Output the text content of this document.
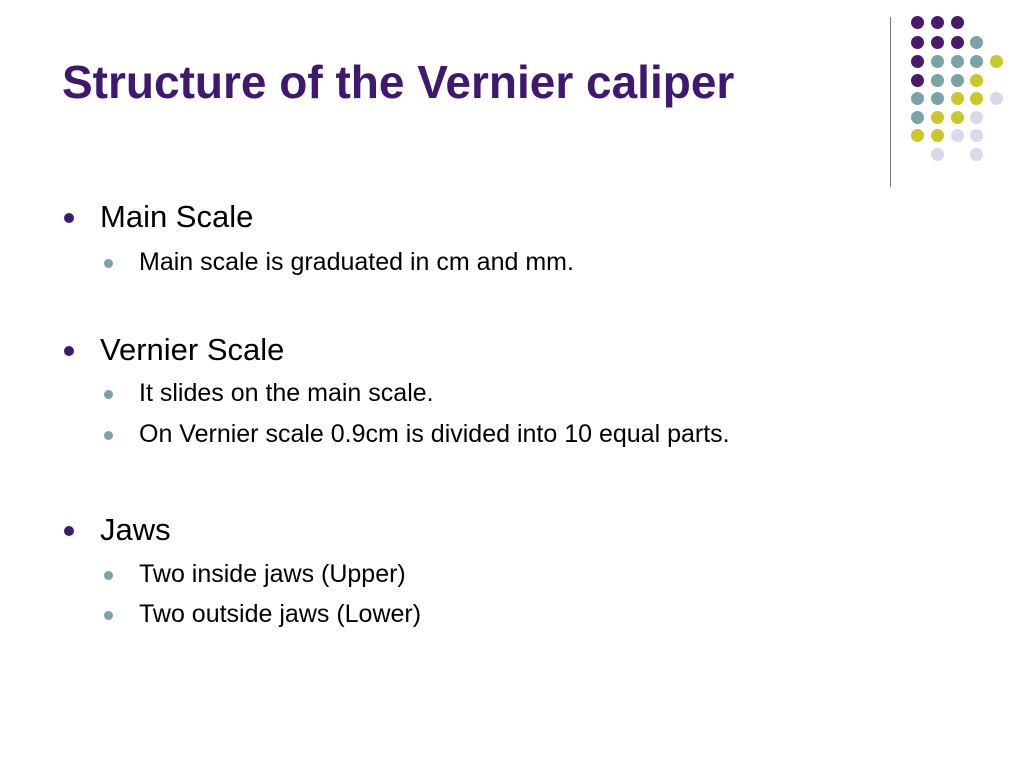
Structure of the Vernier caliper
Main Scale
Main scale is graduated in cm and mm.
Vernier Scale
It slides on the main scale.
On Vernier scale 0.9cm is divided into 10 equal parts.
Jaws
Two inside jaws (Upper)
Two outside jaws (Lower)
